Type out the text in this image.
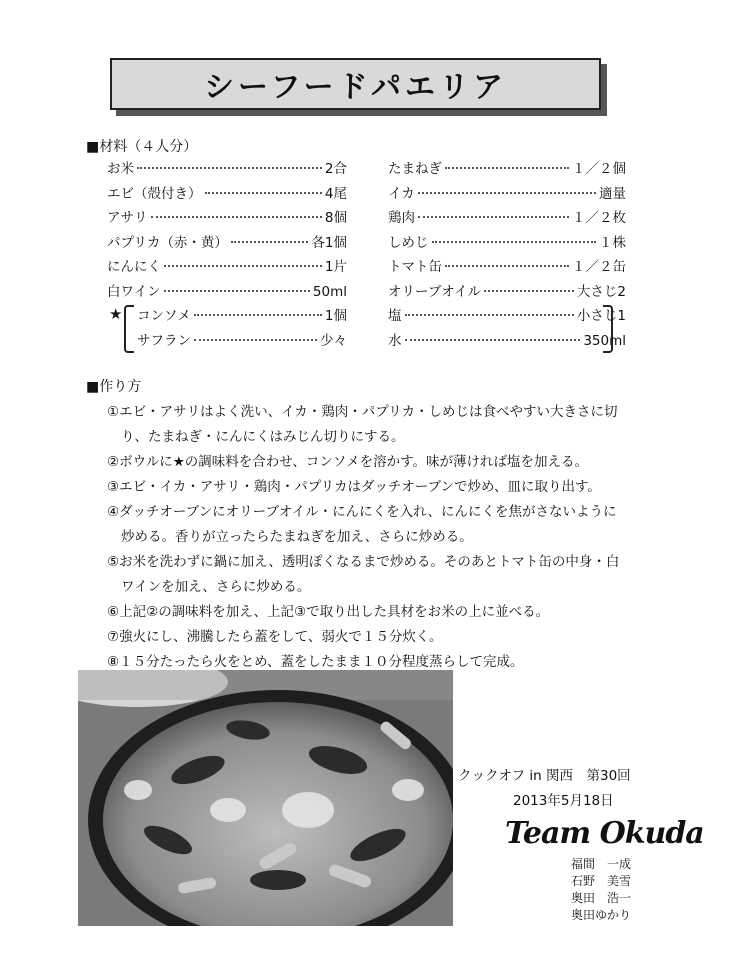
シーフードパエリア
■材料（４人分）
お米	2合
エビ（殻付き）	4尾
アサリ	8個
パプリカ（赤・黄）	各1個
にんにく	1片
白ワイン	50ml
コンソメ	1個
サフラン	少々
たまねぎ	１／２個
イカ	適量
鶏肉	１／２枚
しめじ	１株
トマト缶	１／２缶
オリーブオイル	大さじ2
塩	小さじ1
水	350ml
★
■作り方
①エビ・アサリはよく洗い、イカ・鶏肉・パプリカ・しめじは食べやすい大きさに切
り、たまねぎ・にんにくはみじん切りにする。
②ボウルに★の調味料を合わせ、コンソメを溶かす。味が薄ければ塩を加える。
③エビ・イカ・アサリ・鶏肉・パプリカはダッチオーブンで炒め、皿に取り出す。
④ダッチオーブンにオリーブオイル・にんにくを入れ、にんにくを焦がさないように
炒める。香りが立ったらたまねぎを加え、さらに炒める。
⑤お米を洗わずに鍋に加え、透明ぽくなるまで炒める。そのあとトマト缶の中身・白
ワインを加え、さらに炒める。
⑥上記②の調味料を加え、上記③で取り出した具材をお米の上に並べる。
⑦強火にし、沸騰したら蓋をして、弱火で１５分炊く。
⑧１５分たったら火をとめ、蓋をしたまま１０分程度蒸らして完成。
クックオフ in 関西　第30回
2013年5月18日
Team Okuda
福間　一成
石野　美雪
奥田　浩一
奥田ゆかり
